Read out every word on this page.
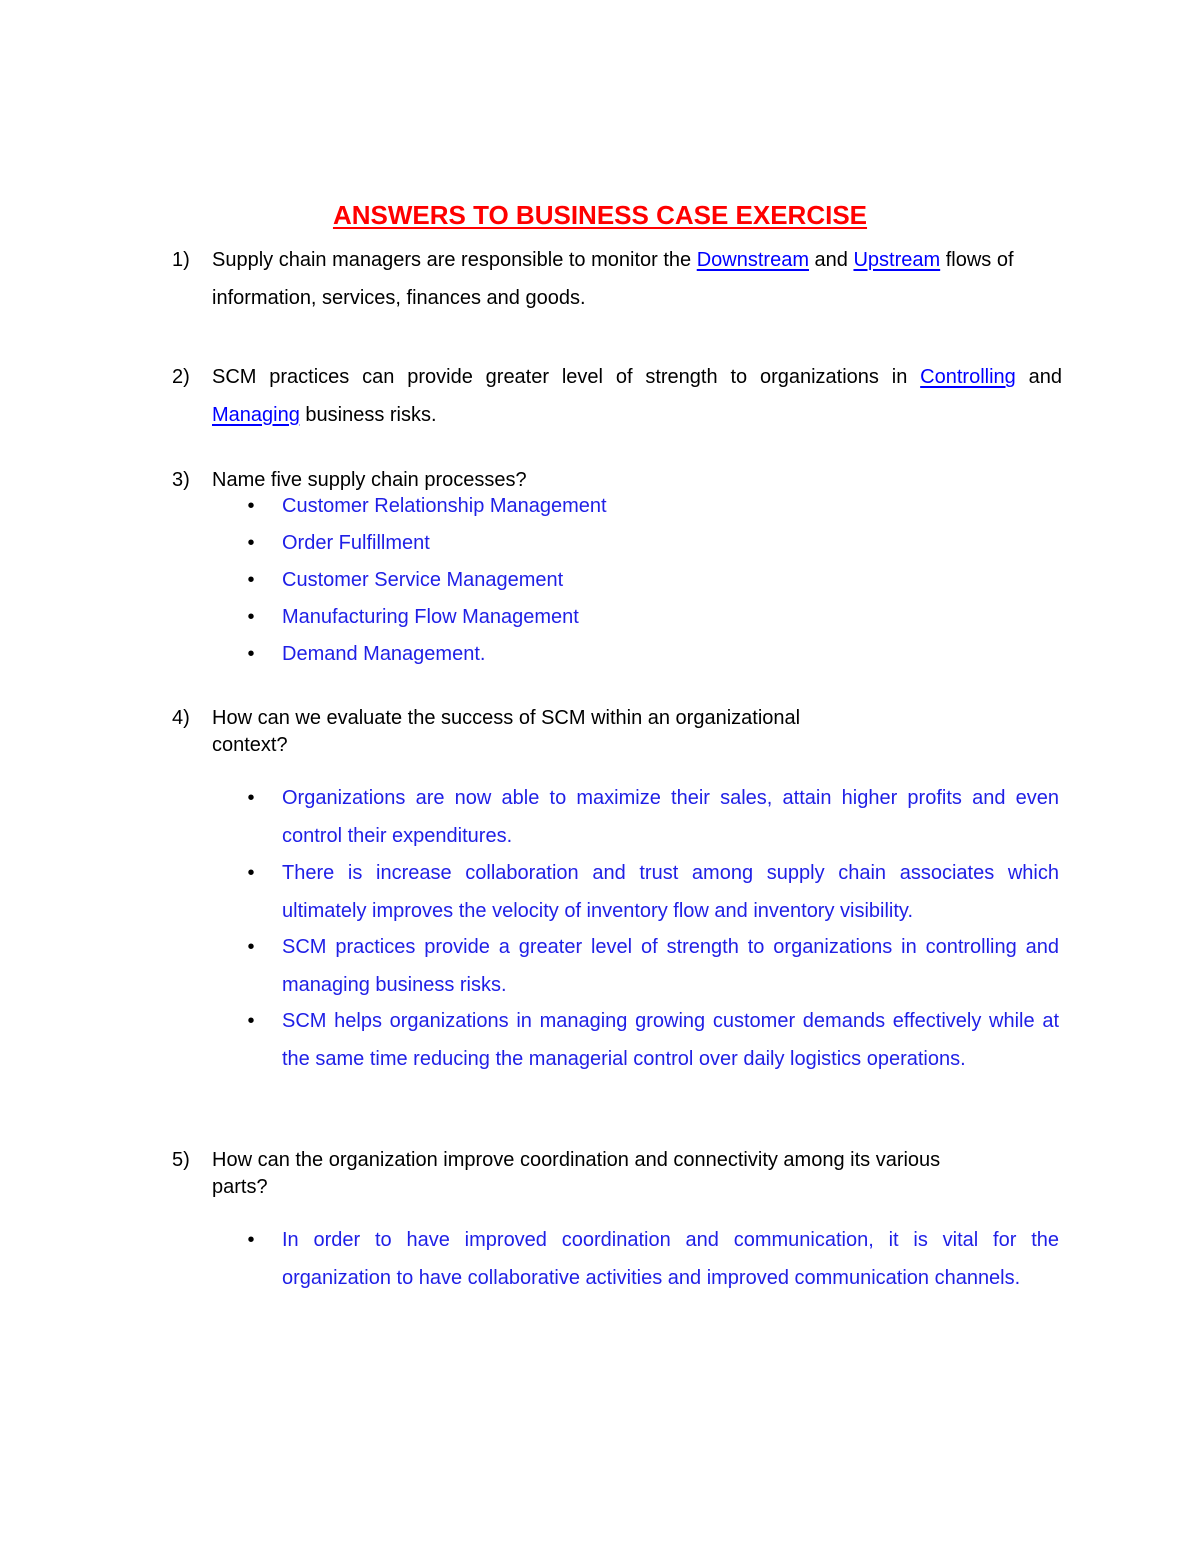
ANSWERS TO BUSINESS CASE EXERCISE
1) Supply chain managers are responsible to monitor the Downstream and Upstream flows of information, services, finances and goods.
2) SCM practices can provide greater level of strength to organizations in Controlling and Managing business risks.
3) Name five supply chain processes?
• Customer Relationship Management
• Order Fulfillment
• Customer Service Management
• Manufacturing Flow Management
• Demand Management.
4) How can we evaluate the success of SCM within an organizational
context?
• Organizations are now able to maximize their sales, attain higher profits and even control their expenditures.
• There is increase collaboration and trust among supply chain associates which ultimately improves the velocity of inventory flow and inventory visibility.
• SCM practices provide a greater level of strength to organizations in controlling and managing business risks.
• SCM helps organizations in managing growing customer demands effectively while at the same time reducing the managerial control over daily logistics operations.
5) How can the organization improve coordination and connectivity among its various
parts?
• In order to have improved coordination and communication, it is vital for the organization to have collaborative activities and improved communication channels.
